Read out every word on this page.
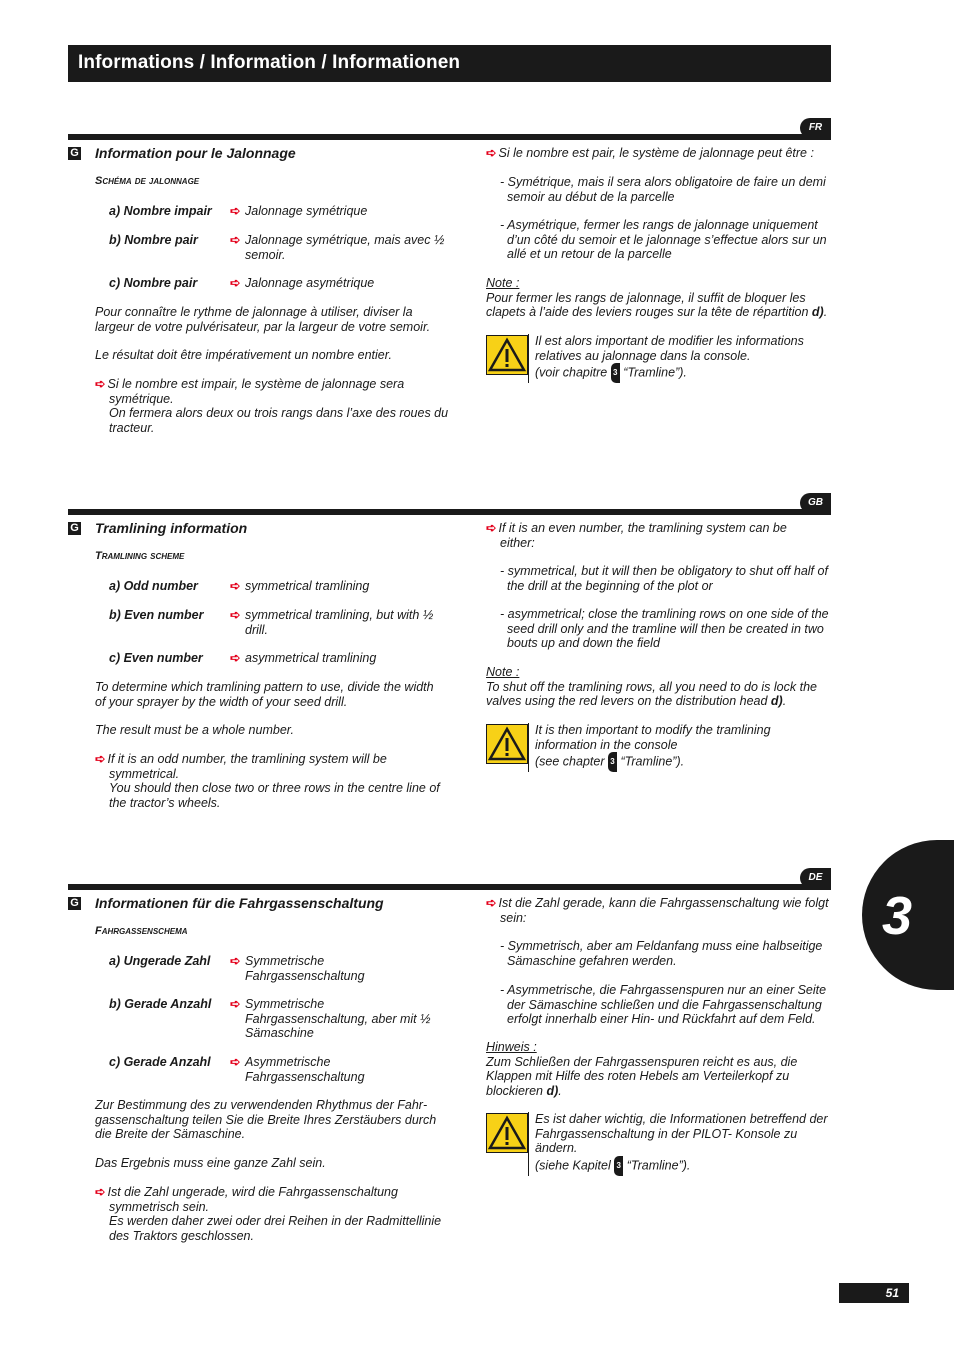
Informations / Information / Informationen
FR
G Information pour le Jalonnage
Schéma de jalonnage
a) Nombre impair	➪ Jalonnage symétrique
b) Nombre pair	➪ Jalonnage symétrique, mais avec ½ semoir.
c) Nombre pair	➪ Jalonnage asymétrique
Pour connaître le rythme de jalonnage à utiliser, diviser la largeur de votre pulvérisateur, par la largeur de votre semoir.
Le résultat doit être impérativement un nombre entier.
➪ Si le nombre est impair, le système de jalonnage sera symétrique.
On fermera alors deux ou trois rangs dans l’axe des roues du tracteur.
➪ Si le nombre est pair, le système de jalonnage peut être :
- Symétrique, mais il sera alors obligatoire de faire un demi semoir au début de la parcelle
- Asymétrique, fermer les rangs de jalonnage uniquement d’un côté du semoir et le jalonnage s’effectue alors sur un allé et un retour de la parcelle
Note :
Pour fermer les rangs de jalonnage, il suffit de bloquer les clapets à l’aide des leviers rouges sur la tête de répartition d).
Il est alors important de modifier les informations relatives au jalonnage dans la console.
(voir chapitre 3 “Tramline”).
GB
G Tramlining information
Tramlining scheme
a) Odd number	➪ symmetrical tramlining
b) Even number	➪ symmetrical tramlining, but with ½ drill.
c) Even number	➪ asymmetrical tramlining
To determine which tramlining pattern to use, divide the width of your sprayer by the width of your seed drill.
The result must be a whole number.
➪ If it is an odd number, the tramlining system will be symmetrical.
You should then close two or three rows in the centre line of the tractor’s wheels.
➪ If it is an even number, the tramlining system can be either:
- symmetrical, but it will then be obligatory to shut off half of the drill at the beginning of the plot or
- asymmetrical; close the tramlining rows on one side of the seed drill only and the tramline will then be created in two bouts up and down the field
Note :
To shut off the tramlining rows, all you need to do is lock the valves using the red levers on the distribution head d).
It is then important to modify the tramlining information in the console
(see chapter 3 “Tramline”).
DE
G Informationen für die Fahrgassenschaltung
Fahrgassenschema
a) Ungerade Zahl	➪ Symmetrische Fahrgassenschaltung
b) Gerade Anzahl	➪ Symmetrische Fahrgassenschaltung, aber mit ½ Sämaschine
c) Gerade Anzahl	➪ Asymmetrische Fahrgassenschaltung
Zur Bestimmung des zu verwendenden Rhythmus der Fahrgassenschaltung teilen Sie die Breite Ihres Zerstäubers durch die Breite der Sämaschine.
Das Ergebnis muss eine ganze Zahl sein.
➪ Ist die Zahl ungerade, wird die Fahrgassenschaltung symmetrisch sein.
Es werden daher zwei oder drei Reihen in der Radmittellinie des Traktors geschlossen.
➪ Ist die Zahl gerade, kann die Fahrgassenschaltung wie folgt sein:
- Symmetrisch, aber am Feldanfang muss eine halbseitige Sämaschine gefahren werden.
- Asymmetrische, die Fahrgassenspuren nur an einer Seite der Sämaschine schließen und die Fahrgassenschaltung erfolgt innerhalb einer Hin- und Rückfahrt auf dem Feld.
Hinweis :
Zum Schließen der Fahrgassenspuren reicht es aus, die Klappen mit Hilfe des roten Hebels am Verteilerkopf zu blockieren d).
Es ist daher wichtig, die Informationen betreffend der Fahrgassenschaltung in der PILOT- Konsole zu ändern.
(siehe Kapitel 3 “Tramline”).
3
51
